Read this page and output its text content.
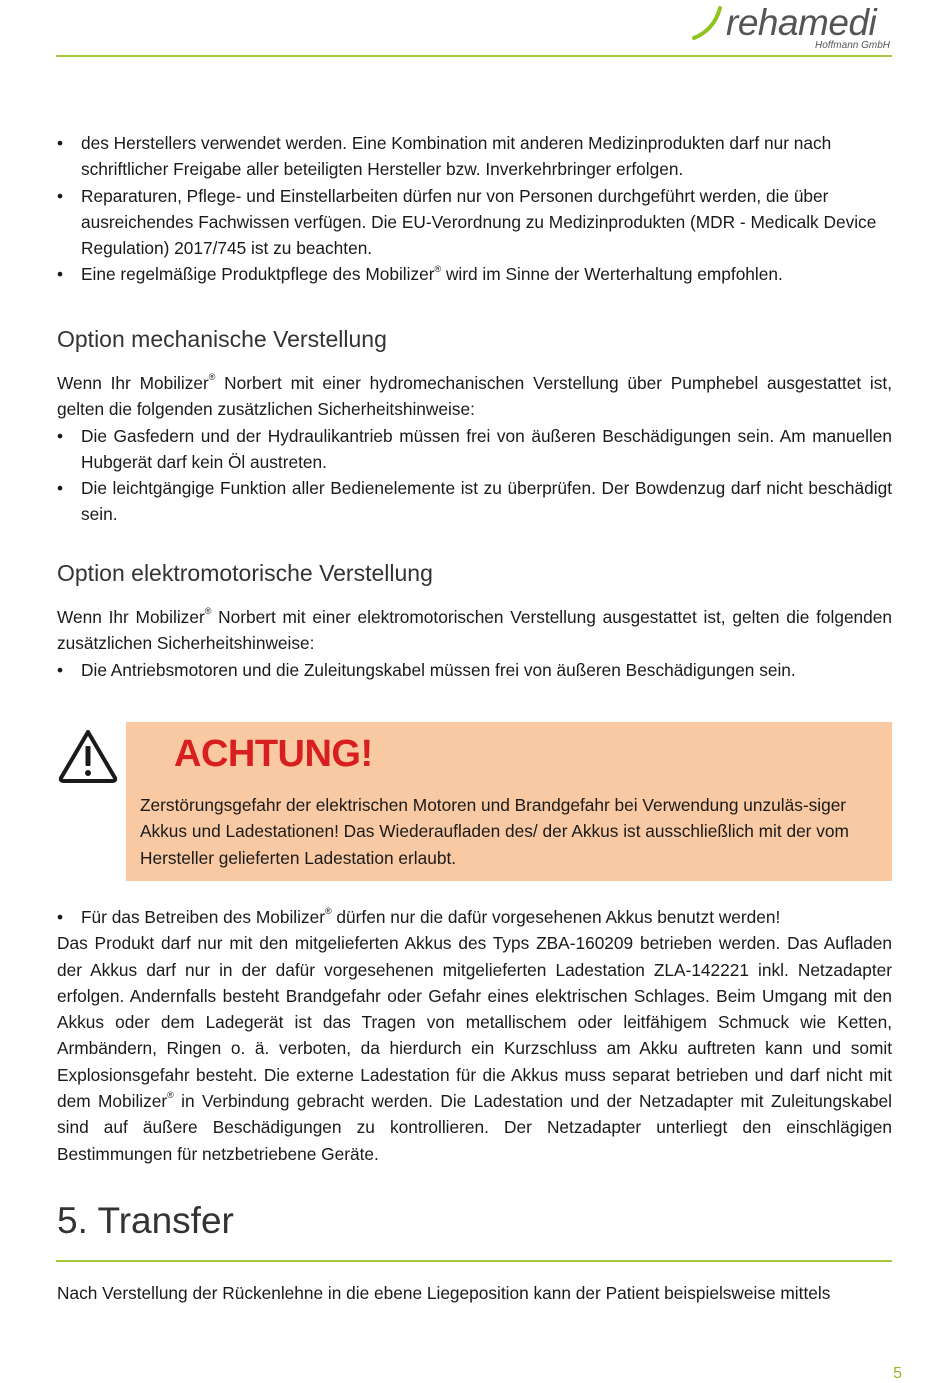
rehamedi
Hoffmann GmbH
• des Herstellers verwendet werden. Eine Kombination mit anderen Medizinprodukten darf nur nach schriftlicher Freigabe aller beteiligten Hersteller bzw. Inverkehrbringer erfolgen.
• Reparaturen, Pflege- und Einstellarbeiten dürfen nur von Personen durchgeführt werden, die über ausreichendes Fachwissen verfügen. Die EU-Verordnung zu Medizinprodukten (MDR - Medicalk Device Regulation) 2017/745 ist zu beachten.
• Eine regelmäßige Produktpflege des Mobilizer® wird im Sinne der Werterhaltung empfohlen.
Option mechanische Verstellung

Wenn Ihr Mobilizer® Norbert mit einer hydromechanischen Verstellung über Pumphebel ausgestattet ist, gelten die folgenden zusätzlichen Sicherheitshinweise:

• Die Gasfedern und der Hydraulikantrieb müssen frei von äußeren Beschädigungen sein. Am manuellen Hubgerät darf kein Öl austreten.
• Die leichtgängige Funktion aller Bedienelemente ist zu überprüfen. Der Bowdenzug darf nicht beschädigt sein.
Option elektromotorische Verstellung

Wenn Ihr Mobilizer® Norbert mit einer elektromotorischen Verstellung ausgestattet ist, gelten die folgenden zusätzlichen Sicherheitshinweise:

• Die Antriebsmotoren und die Zuleitungskabel müssen frei von äußeren Beschädigungen sein.
ACHTUNG!
Zerstörungsgefahr der elektrischen Motoren und Brandgefahr bei Verwendung unzuläs-siger Akkus und Ladestationen! Das Wiederaufladen des/ der Akkus ist ausschließlich mit der vom Hersteller gelieferten Ladestation erlaubt.
• Für das Betreiben des Mobilizer® dürfen nur die dafür vorgesehenen Akkus benutzt werden!

Das Produkt darf nur mit den mitgelieferten Akkus des Typs ZBA-160209 betrieben werden. Das Aufladen der Akkus darf nur in der dafür vorgesehenen mitgelieferten Ladestation ZLA-142221 inkl. Netzadapter erfolgen. Andernfalls besteht Brandgefahr oder Gefahr eines elektrischen Schlages. Beim Umgang mit den Akkus oder dem Ladegerät ist das Tragen von metallischem oder leitfähigem Schmuck wie Ketten, Armbändern, Ringen o. ä. verboten, da hierdurch ein Kurzschluss am Akku auftreten kann und somit Explosionsgefahr besteht. Die externe Ladestation für die Akkus muss separat betrieben und darf nicht mit dem Mobilizer® in Verbindung gebracht werden. Die Ladestation und der Netzadapter mit Zuleitungskabel sind auf äußere Beschädigungen zu kontrollieren. Der Netzadapter unterliegt den einschlägigen Bestimmungen für netzbetriebene Geräte.

5. Transfer
Nach Verstellung der Rückenlehne in die ebene Liegeposition kann der Patient beispielsweise mittels
5
